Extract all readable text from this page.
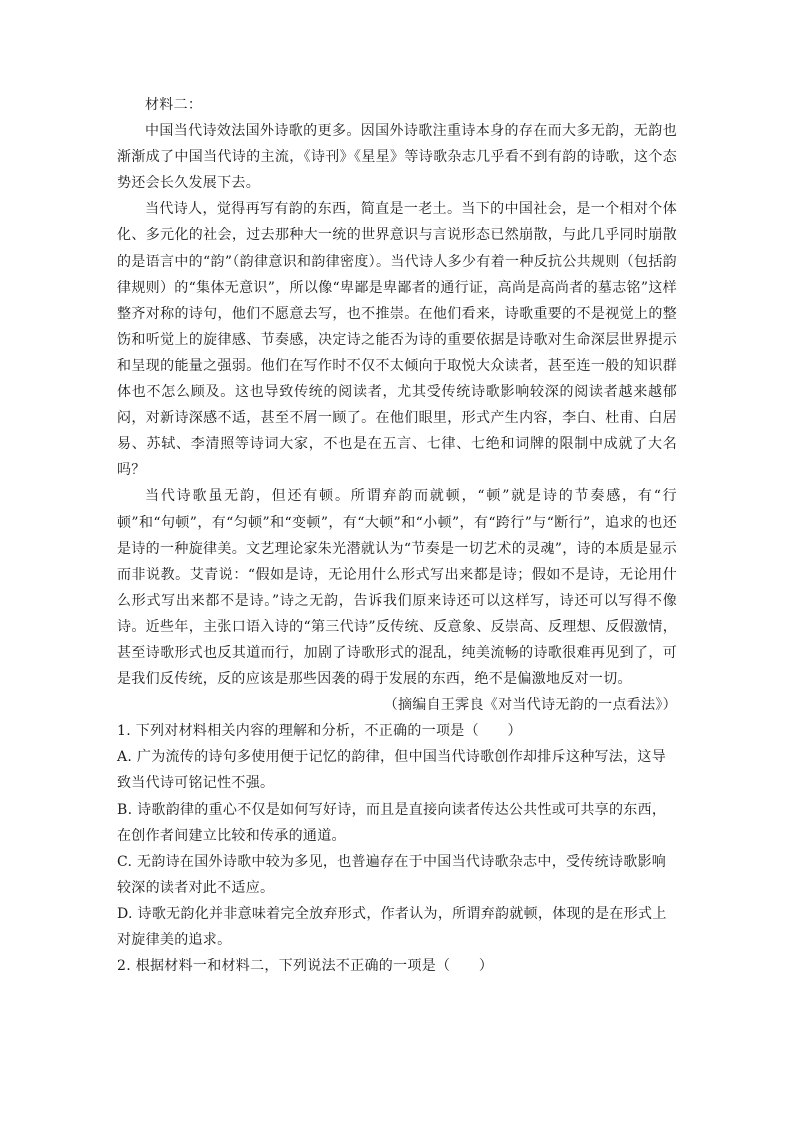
材料二：

中国当代诗效法国外诗歌的更多。因国外诗歌注重诗本身的存在而大多无韵，无韵也渐渐成了中国当代诗的主流，《诗刊》《星星》等诗歌杂志几乎看不到有韵的诗歌，这个态势还会长久发展下去。

当代诗人，觉得再写有韵的东西，简直是一老土。当下的中国社会，是一个相对个体化、多元化的社会，过去那种大一统的世界意识与言说形态已然崩散，与此几乎同时崩散的是语言中的“韵”（韵律意识和韵律密度）。当代诗人多少有着一种反抗公共规则（包括韵律规则）的“集体无意识”，所以像“卑鄙是卑鄙者的通行证，高尚是高尚者的墓志铭”这样整齐对称的诗句，他们不愿意去写，也不推崇。在他们看来，诗歌重要的不是视觉上的整饬和听觉上的旋律感、节奏感，决定诗之能否为诗的重要依据是诗歌对生命深层世界提示和呈现的能量之强弱。他们在写作时不仅不太倾向于取悦大众读者，甚至连一般的知识群体也不怎么顾及。这也导致传统的阅读者，尤其受传统诗歌影响较深的阅读者越来越郁闷，对新诗深感不适，甚至不屑一顾了。在他们眼里，形式产生内容，李白、杜甫、白居易、苏轼、李清照等诗词大家，不也是在五言、七律、七绝和词牌的限制中成就了大名吗？

当代诗歌虽无韵，但还有顿。所谓弃韵而就顿，“顿”就是诗的节奏感，有“行顿”和“句顿”，有“匀顿”和“变顿”，有“大顿”和“小顿”，有“跨行”与“断行”，追求的也还是诗的一种旋律美。文艺理论家朱光潜就认为“节奏是一切艺术的灵魂”，诗的本质是显示而非说教。艾青说：“假如是诗，无论用什么形式写出来都是诗；假如不是诗，无论用什么形式写出来都不是诗。”诗之无韵，告诉我们原来诗还可以这样写，诗还可以写得不像诗。近些年，主张口语入诗的“第三代诗”反传统、反意象、反崇高、反理想、反假激情，甚至诗歌形式也反其道而行，加剧了诗歌形式的混乱，纯美流畅的诗歌很难再见到了，可是我们反传统，反的应该是那些因袭的碍于发展的东西，绝不是偏激地反对一切。

（摘编自王霁良《对当代诗无韵的一点看法》）

1. 下列对材料相关内容的理解和分析，不正确的一项是（　　）

A. 广为流传的诗句多使用便于记忆的韵律，但中国当代诗歌创作却排斥这种写法，这导致当代诗可铭记性不强。

B. 诗歌韵律的重心不仅是如何写好诗，而且是直接向读者传达公共性或可共享的东西，在创作者间建立比较和传承的通道。

C. 无韵诗在国外诗歌中较为多见，也普遍存在于中国当代诗歌杂志中，受传统诗歌影响较深的读者对此不适应。

D. 诗歌无韵化并非意味着完全放弃形式，作者认为，所谓弃韵就顿，体现的是在形式上对旋律美的追求。

2. 根据材料一和材料二，下列说法不正确的一项是（　　）
